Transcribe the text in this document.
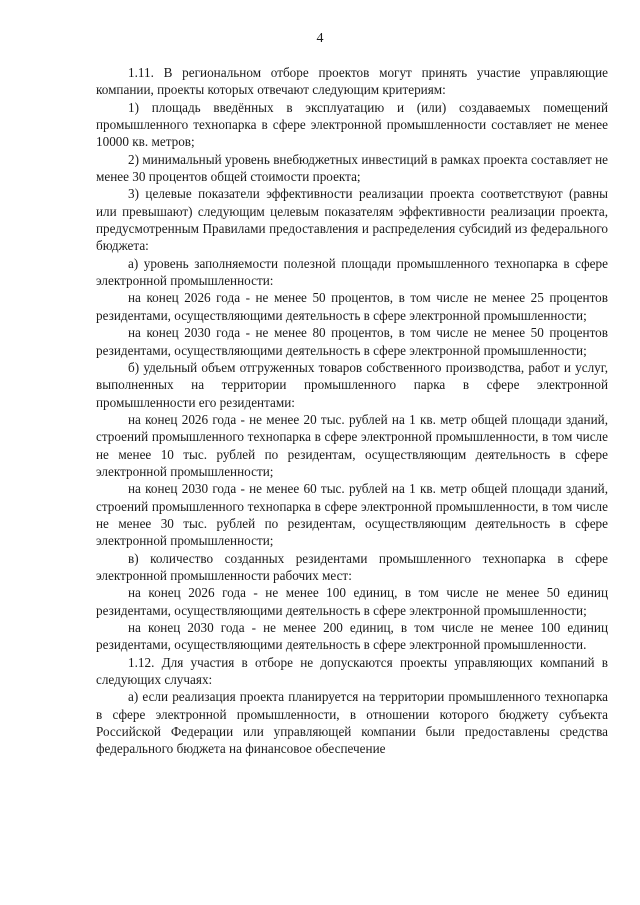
4

1.11. В региональном отборе проектов могут принять участие управляющие компании, проекты которых отвечают следующим критериям:

1) площадь введённых в эксплуатацию и (или) создаваемых помещений промышленного технопарка в сфере электронной промышленности составляет не менее 10000 кв. метров;

2) минимальный уровень внебюджетных инвестиций в рамках проекта составляет не менее 30 процентов общей стоимости проекта;

3) целевые показатели эффективности реализации проекта соответствуют (равны или превышают) следующим целевым показателям эффективности реализации проекта, предусмотренным Правилами предоставления и распределения субсидий из федерального бюджета:

а) уровень заполняемости полезной площади промышленного технопарка в сфере электронной промышленности:

на конец 2026 года - не менее 50 процентов, в том числе не менее 25 процентов резидентами, осуществляющими деятельность в сфере электронной промышленности;

на конец 2030 года - не менее 80 процентов, в том числе не менее 50 процентов резидентами, осуществляющими деятельность в сфере электронной промышленности;

б) удельный объем отгруженных товаров собственного производства, работ и услуг, выполненных на территории промышленного парка в сфере электронной промышленности его резидентами:

на конец 2026 года - не менее 20 тыс. рублей на 1 кв. метр общей площади зданий, строений промышленного технопарка в сфере электронной промышленности, в том числе не менее 10 тыс. рублей по резидентам, осуществляющим деятельность в сфере электронной промышленности;

на конец 2030 года - не менее 60 тыс. рублей на 1 кв. метр общей площади зданий, строений промышленного технопарка в сфере электронной промышленности, в том числе не менее 30 тыс. рублей по резидентам, осуществляющим деятельность в сфере электронной промышленности;

в) количество созданных резидентами промышленного технопарка в сфере электронной промышленности рабочих мест:

на конец 2026 года - не менее 100 единиц, в том числе не менее 50 единиц резидентами, осуществляющими деятельность в сфере электронной промышленности;

на конец 2030 года - не менее 200 единиц, в том числе не менее 100 единиц резидентами, осуществляющими деятельность в сфере электронной промышленности.

1.12. Для участия в отборе не допускаются проекты управляющих компаний в следующих случаях:

а) если реализация проекта планируется на территории промышленного технопарка в сфере электронной промышленности, в отношении которого бюджету субъекта Российской Федерации или управляющей компании были предоставлены средства федерального бюджета на финансовое обеспечение
